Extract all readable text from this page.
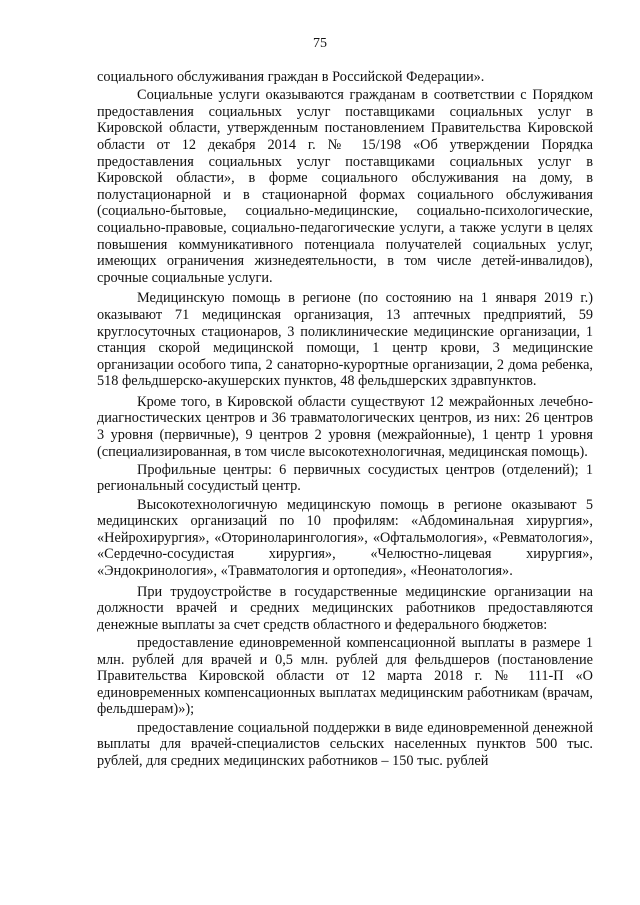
75

социального обслуживания граждан в Российской Федерации».

Социальные услуги оказываются гражданам в соответствии с Порядком предоставления социальных услуг поставщиками социальных услуг в Кировской области, утвержденным постановлением Правительства Кировской области от 12 декабря 2014 г. № 15/198 «Об утверждении Порядка предоставления социальных услуг поставщиками социальных услуг в Кировской области», в форме социального обслуживания на дому, в полустационарной и в стационарной формах социального обслуживания (социально-бытовые, социально-медицинские, социально-психологические, социально-правовые, социально-педагогические услуги, а также услуги в целях повышения коммуникативного потенциала получателей социальных услуг, имеющих ограничения жизнедеятельности, в том числе детей-инвалидов), срочные социальные услуги.

Медицинскую помощь в регионе (по состоянию на 1 января 2019 г.) оказывают 71 медицинская организация, 13 аптечных предприятий, 59 круглосуточных стационаров, 3 поликлинические медицинские организации, 1 станция скорой медицинской помощи, 1 центр крови, 3 медицинские организации особого типа, 2 санаторно-курортные организации, 2 дома ребенка, 518 фельдшерско-акушерских пунктов, 48 фельдшерских здравпунктов.

Кроме того, в Кировской области существуют 12 межрайонных лечебно-диагностических центров и 36 травматологических центров, из них: 26 центров 3 уровня (первичные), 9 центров 2 уровня (межрайонные), 1 центр 1 уровня (специализированная, в том числе высокотехнологичная, медицинская помощь).

Профильные центры: 6 первичных сосудистых центров (отделений); 1 региональный сосудистый центр.

Высокотехнологичную медицинскую помощь в регионе оказывают 5 медицинских организаций по 10 профилям: «Абдоминальная хирургия», «Нейрохирургия», «Оториноларингология», «Офтальмология», «Ревматология», «Сердечно-сосудистая хирургия», «Челюстно-лицевая хирургия», «Эндокринология», «Травматология и ортопедия», «Неонатология».

При трудоустройстве в государственные медицинские организации на должности врачей и средних медицинских работников предоставляются денежные выплаты за счет средств областного и федерального бюджетов:

предоставление единовременной компенсационной выплаты в размере 1 млн. рублей для врачей и 0,5 млн. рублей для фельдшеров (постановление Правительства Кировской области от 12 марта 2018 г. № 111-П «О единовременных компенсационных выплатах медицинским работникам (врачам, фельдшерам)»);

предоставление социальной поддержки в виде единовременной денежной выплаты для врачей-специалистов сельских населенных пунктов 500 тыс. рублей, для средних медицинских работников – 150 тыс. рублей
